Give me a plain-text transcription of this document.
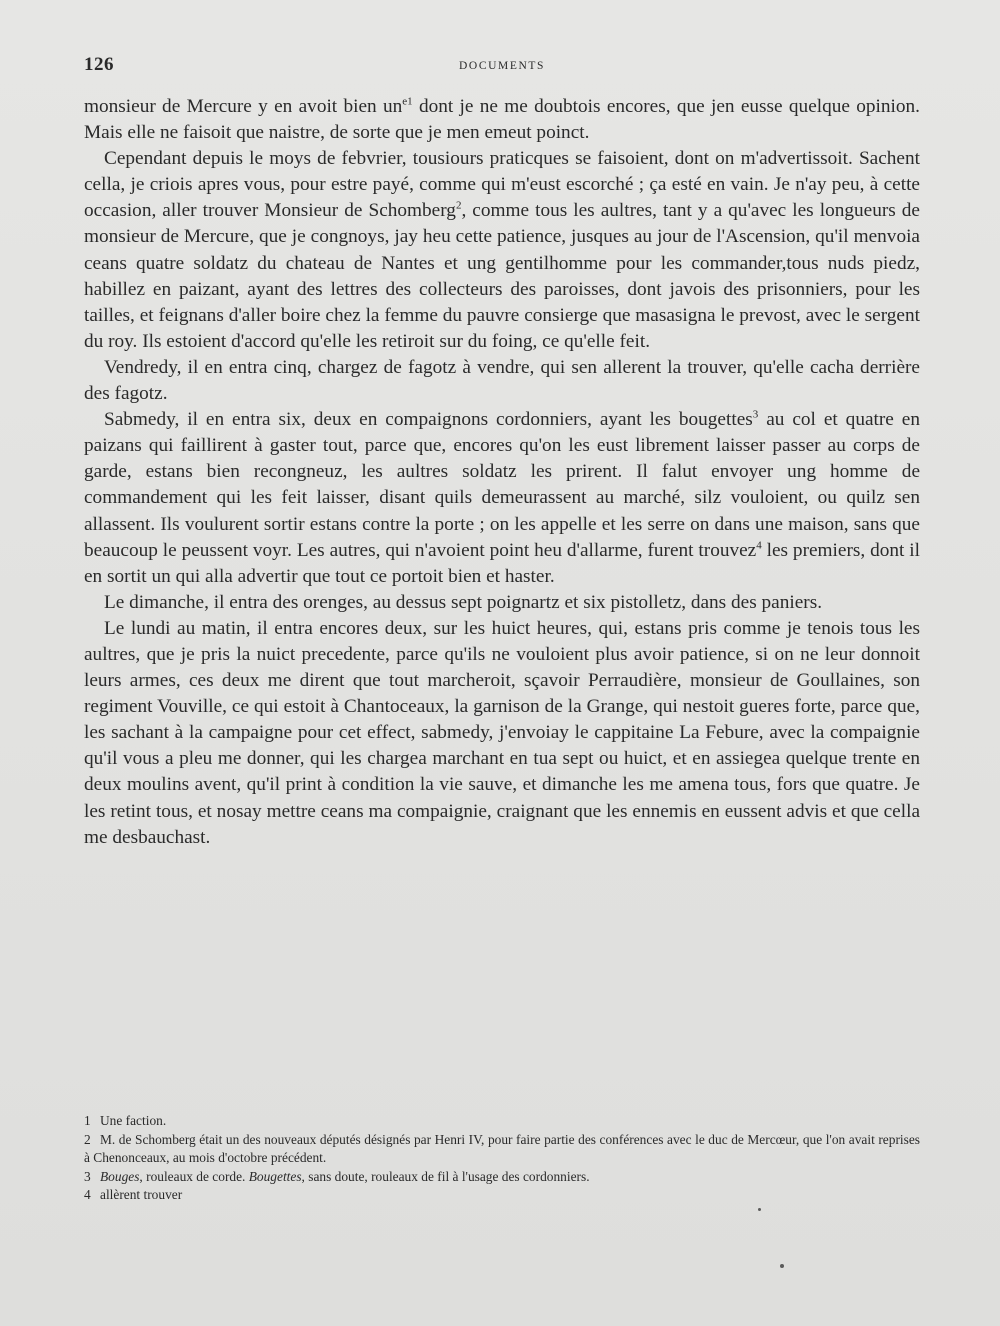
126	DOCUMENTS

monsieur de Mercure y en avoit bien $un^{e1}$ dont je ne me doubtois encores, que jen eusse quelque opinion. Mais elle ne faisoit que naistre, de sorte que je men emeut poinct.

Cependant depuis le moys de febvrier, tousiours praticques se faisoient, dont on m'advertissoit. Sachent cella, je criois apres vous, pour estre payé, comme qui m'eust escorché ; ça esté en vain. Je n'ay peu, à cette occasion, aller trouver Monsieur de Schomberg$^2$, comme tous les aultres, tant y a qu'avec les longueurs de monsieur de Mercure, que je congnoys, jay heu cette patience, jusques au jour de l'Ascension, qu'il menvoia ceans quatre soldatz du chateau de Nantes et ung gentilhomme pour les commander,tous nuds piedz, habillez en paizant, ayant des lettres des collecteurs des paroisses, dont javois des prisonniers, pour les tailles, et feignans d'aller boire chez la femme du pauvre consierge que masasigna le prevost, avec le sergent du roy. Ils estoient d'accord qu'elle les retiroit sur du foing, ce qu'elle feit.

Vendredy, il en entra cinq, chargez de fagotz à vendre, qui sen allerent la trouver, qu'elle cacha derrière des fagotz.

Sabmedy, il en entra six, deux en compaignons cordonniers, ayant les bougettes$^3$ au col et quatre en paizans qui faillirent à gaster tout, parce que, encores qu'on les eust librement laisser passer au corps de garde, estans bien recongneuz, les aultres soldatz les prirent. Il falut envoyer ung homme de commandement qui les feit laisser, disant quils demeurassent au marché, silz vouloient, ou quilz sen allassent. Ils voulurent sortir estans contre la porte ; on les appelle et les serre on dans une maison, sans que beaucoup le peussent voyr. Les autres, qui n'avoient point heu d'allarme, furent trouvez$^4$ les premiers, dont il en sortit un qui alla advertir que tout ce portoit bien et haster.

Le dimanche, il entra des orenges, au dessus sept poignartz et six pistolletz, dans des paniers.

Le lundi au matin, il entra encores deux, sur les huict heures, qui, estans pris comme je tenois tous les aultres, que je pris la nuict precedente, parce qu'ils ne vouloient plus avoir patience, si on ne leur donnoit leurs armes, ces deux me dirent que tout marcheroit, sçavoir Perraudière, monsieur de Goullaines, son regiment Vouville, ce qui estoit à Chantoceaux, la garnison de la Grange, qui nestoit gueres forte, parce que, les sachant à la campaigne pour cet effect, sabmedy, j'envoiay le cappitaine La Febure, avec la compaignie qu'il vous a pleu me donner, qui les chargea marchant en tua sept ou huict, et en assiegea quelque trente en deux moulins avent, qu'il print à condition la vie sauve, et dimanche les me amena tous, fors que quatre. Je les retint tous, et nosay mettre ceans ma compaignie, craignant que les ennemis en eussent advis et que cella me desbauchast.

1 Une faction.

2 M. de Schomberg était un des nouveaux députés désignés par Henri IV, pour faire partie des conférences avec le duc de Mercœur, que l'on avait reprises à Chenonceaux, au mois d'octobre précédent.

3 Bouges, rouleaux de corde. Bougettes, sans doute, rouleaux de fil à l'usage des cordonniers.

4 allèrent trouver
